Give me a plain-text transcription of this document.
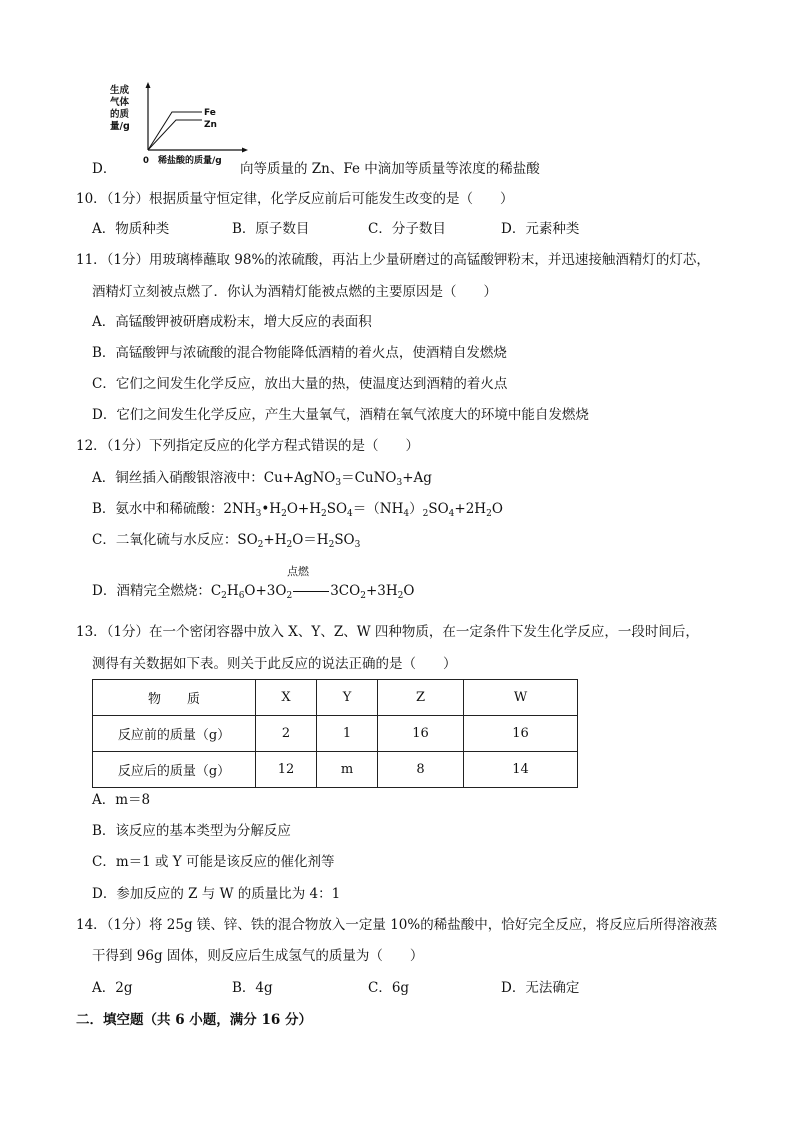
生成
气体
的质
量/g
Fe
Zn
0 稀盐酸的质量/g
D．	向等质量的 Zn、Fe 中滴加等质量等浓度的稀盐酸
10．（1分）根据质量守恒定律，化学反应前后可能发生改变的是（　　）
A．物质种类	B．原子数目	C．分子数目	D．元素种类
11．（1分）用玻璃棒蘸取 98%的浓硫酸，再沾上少量研磨过的高锰酸钾粉末，并迅速接触酒精灯的灯芯，
酒精灯立刻被点燃了．你认为酒精灯能被点燃的主要原因是（　　）
A．高锰酸钾被研磨成粉末，增大反应的表面积
B．高锰酸钾与浓硫酸的混合物能降低酒精的着火点，使酒精自发燃烧
C．它们之间发生化学反应，放出大量的热，使温度达到酒精的着火点
D．它们之间发生化学反应，产生大量氧气，酒精在氧气浓度大的环境中能自发燃烧
12．（1分）下列指定反应的化学方程式错误的是（　　）
A．铜丝插入硝酸银溶液中：Cu+AgNO$_3$＝CuNO$_3$+Ag
B．氨水中和稀硫酸：$2NH_3•H_2O+H_2SO_4=(NH_4)_2SO_4+2H_2O$
C．二氧化硫与水反应：$SO_2+H_2O=H_2SO_3$
点燃
D．酒精完全燃烧：$C_2H_6O+3O_2$	$3CO_2+3H_2O$
13．（1分）在一个密闭容器中放入 X、Y、Z、W 四种物质，在一定条件下发生化学反应，一段时间后，
测得有关数据如下表。则关于此反应的说法正确的是（　　）
物　　质	X	Y	Z	W
反应前的质量（g）	2	1	16	16
反应后的质量（g）	12	m	8	14
A．m＝8
B．该反应的基本类型为分解反应
C．m＝1 或 Y 可能是该反应的催化剂等
D．参加反应的 Z 与 W 的质量比为 4：1
14．（1分）将 25g 镁、锌、铁的混合物放入一定量 10%的稀盐酸中，恰好完全反应，将反应后所得溶液蒸
干得到 96g 固体，则反应后生成氢气的质量为（　　）
A．2g	B．4g	C．6g	D．无法确定
二．填空题（共 6 小题，满分 16 分）
